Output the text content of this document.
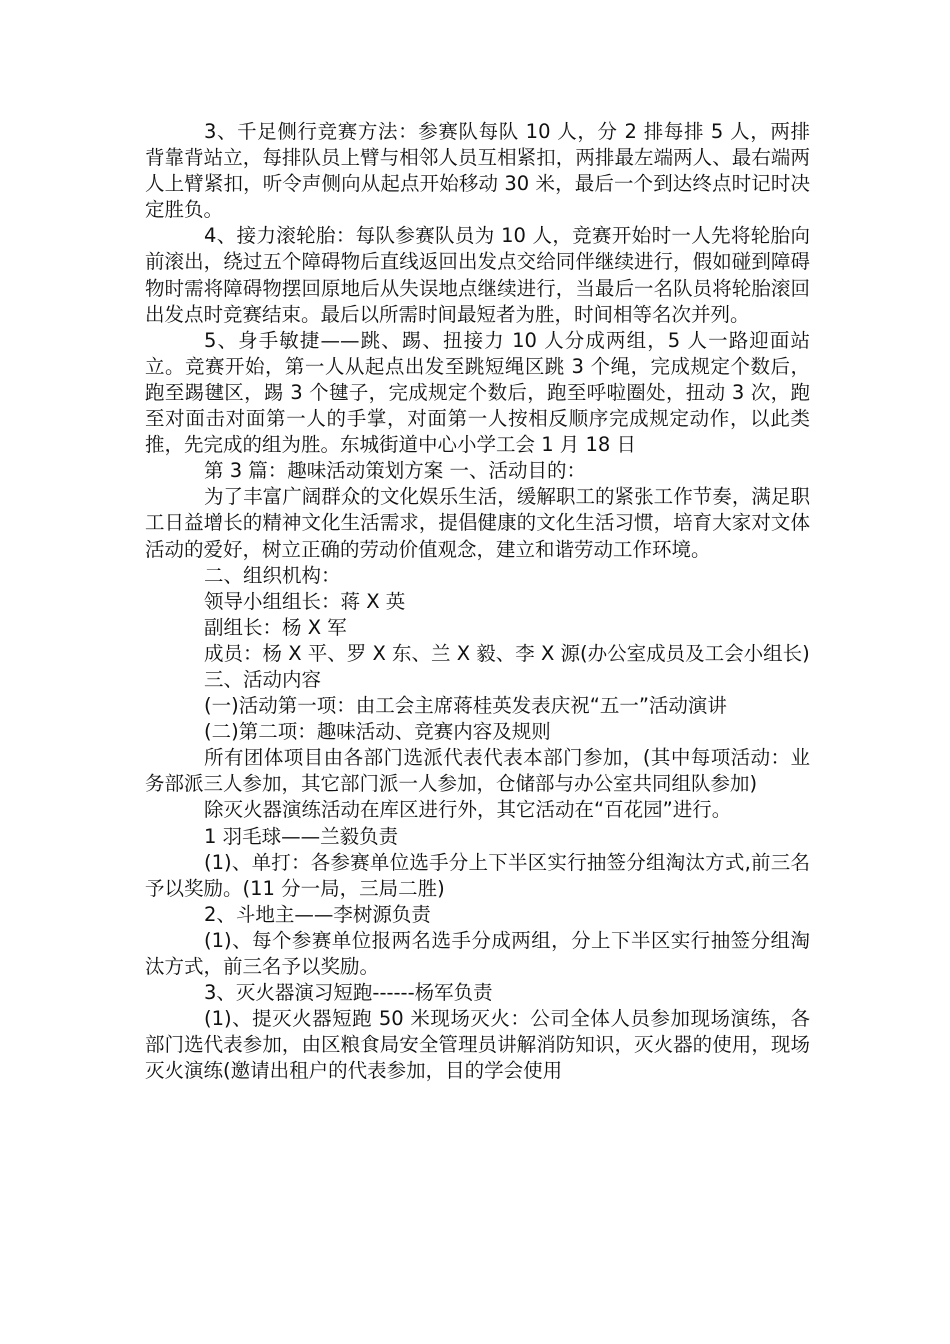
3、千足侧行竞赛方法：参赛队每队 10 人，分 2 排每排 5 人，两排背靠背站立，每排队员上臂与相邻人员互相紧扣，两排最左端两人、最右端两人上臂紧扣，听令声侧向从起点开始移动 30 米，最后一个到达终点时记时决定胜负。

4、接力滚轮胎：每队参赛队员为 10 人，竞赛开始时一人先将轮胎向前滚出，绕过五个障碍物后直线返回出发点交给同伴继续进行，假如碰到障碍物时需将障碍物摆回原地后从失误地点继续进行，当最后一名队员将轮胎滚回出发点时竞赛结束。最后以所需时间最短者为胜，时间相等名次并列。

5、身手敏捷——跳、踢、扭接力 10 人分成两组，5 人一路迎面站立。竞赛开始，第一人从起点出发至跳短绳区跳 3 个绳，完成规定个数后，跑至踢毽区，踢 3 个毽子，完成规定个数后，跑至呼啦圈处，扭动 3 次，跑至对面击对面第一人的手掌，对面第一人按相反顺序完成规定动作，以此类推，先完成的组为胜。东城街道中心小学工会 1 月 18 日

第 3 篇：趣味活动策划方案 一、活动目的：

为了丰富广阔群众的文化娱乐生活，缓解职工的紧张工作节奏，满足职工日益增长的精神文化生活需求，提倡健康的文化生活习惯，培育大家对文体活动的爱好，树立正确的劳动价值观念，建立和谐劳动工作环境。

二、组织机构：

领导小组组长：蒋 X 英

副组长：杨 X 军

成员：杨 X 平、罗 X 东、兰 X 毅、李 X 源(办公室成员及工会小组长)

三、活动内容

(一)活动第一项：由工会主席蒋桂英发表庆祝“五一”活动演讲

(二)第二项：趣味活动、竞赛内容及规则

所有团体项目由各部门选派代表代表本部门参加，(其中每项活动：业务部派三人参加，其它部门派一人参加，仓储部与办公室共同组队参加)

除灭火器演练活动在库区进行外，其它活动在“百花园”进行。

1 羽毛球——兰毅负责

(1)、单打：各参赛单位选手分上下半区实行抽签分组淘汰方式,前三名予以奖励。(11 分一局，三局二胜)

2、斗地主——李树源负责

(1)、每个参赛单位报两名选手分成两组，分上下半区实行抽签分组淘汰方式，前三名予以奖励。

3、灭火器演习短跑------杨军负责

(1)、提灭火器短跑 50 米现场灭火：公司全体人员参加现场演练，各部门选代表参加，由区粮食局安全管理员讲解消防知识，灭火器的使用，现场灭火演练(邀请出租户的代表参加，目的学会使用
